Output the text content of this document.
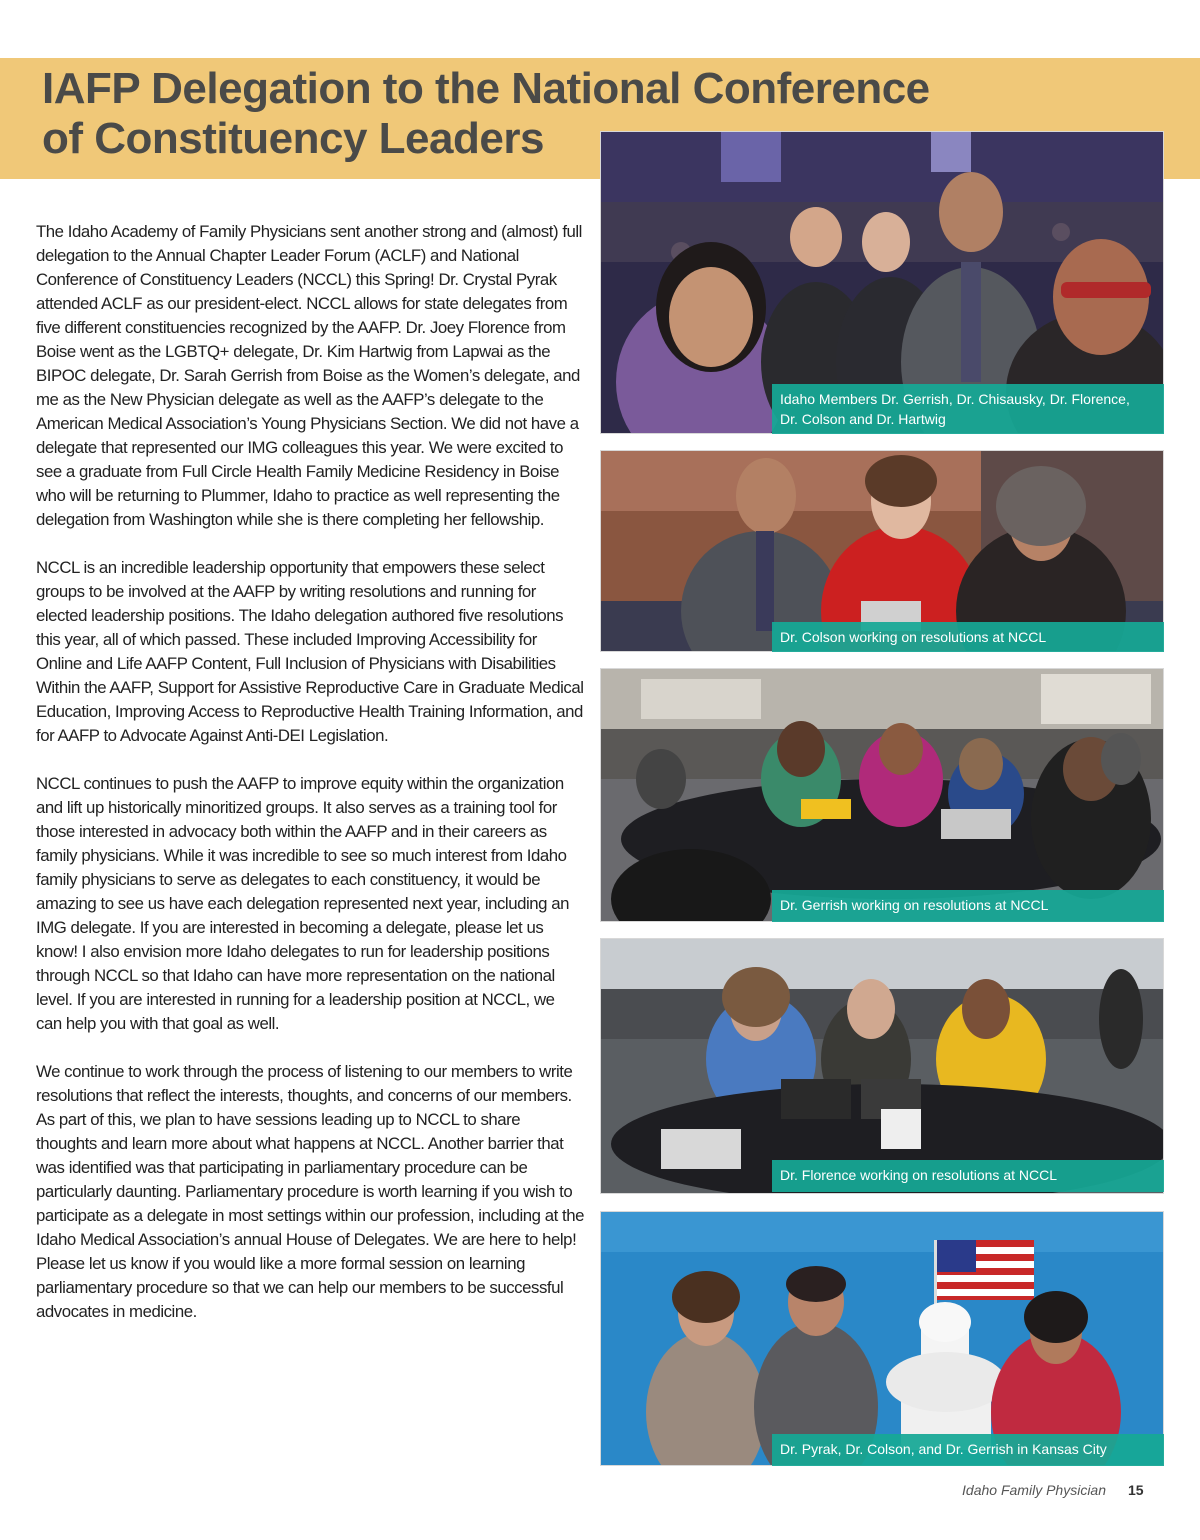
IAFP Delegation to the National Conference
of Constituency Leaders

The Idaho Academy of Family Physicians sent another strong and (almost) full delegation to the Annual Chapter Leader Forum (ACLF) and National Conference of Constituency Leaders (NCCL) this Spring! Dr. Crystal Pyrak attended ACLF as our president-elect. NCCL allows for state delegates from five different constituencies recognized by the AAFP. Dr. Joey Florence from Boise went as the LGBTQ+ delegate, Dr. Kim Hartwig from Lapwai as the BIPOC delegate, Dr. Sarah Gerrish from Boise as the Women’s delegate, and me as the New Physician delegate as well as the AAFP’s delegate to the American Medical Association’s Young Physicians Section. We did not have a delegate that represented our IMG colleagues this year. We were excited to see a graduate from Full Circle Health Family Medicine Residency in Boise who will be returning to Plummer, Idaho to practice as well representing the delegation from Washington while she is there completing her fellowship.

NCCL is an incredible leadership opportunity that empowers these select groups to be involved at the AAFP by writing resolutions and running for elected leadership positions. The Idaho delegation authored five resolutions this year, all of which passed. These included Improving Accessibility for Online and Life AAFP Content, Full Inclusion of Physicians with Disabilities Within the AAFP, Support for Assistive Reproductive Care in Graduate Medical Education, Improving Access to Reproductive Health Training Information, and for AAFP to Advocate Against Anti-DEI Legislation.

NCCL continues to push the AAFP to improve equity within the organization and lift up historically minoritized groups. It also serves as a training tool for those interested in advocacy both within the AAFP and in their careers as family physicians. While it was incredible to see so much interest from Idaho family physicians to serve as delegates to each constituency, it would be amazing to see us have each delegation represented next year, including an IMG delegate. If you are interested in becoming a delegate, please let us know! I also envision more Idaho delegates to run for leadership positions through NCCL so that Idaho can have more representation on the national level. If you are interested in running for a leadership position at NCCL, we can help you with that goal as well.

We continue to work through the process of listening to our members to write resolutions that reflect the interests, thoughts, and concerns of our members. As part of this, we plan to have sessions leading up to NCCL to share thoughts and learn more about what happens at NCCL. Another barrier that was identified was that participating in parliamentary procedure can be particularly daunting. Parliamentary procedure is worth learning if you wish to participate as a delegate in most settings within our profession, including at the Idaho Medical Association’s annual House of Delegates. We are here to help! Please let us know if you would like a more formal session on learning parliamentary procedure so that we can help our members to be successful advocates in medicine.

Idaho Members Dr. Gerrish, Dr. Chisausky, Dr. Florence,
Dr. Colson and Dr. Hartwig
Dr. Colson working on resolutions at NCCL
Dr. Gerrish working on resolutions at NCCL
Dr. Florence working on resolutions at NCCL
Dr. Pyrak, Dr. Colson, and Dr. Gerrish in Kansas City
Idaho Family Physician 15
